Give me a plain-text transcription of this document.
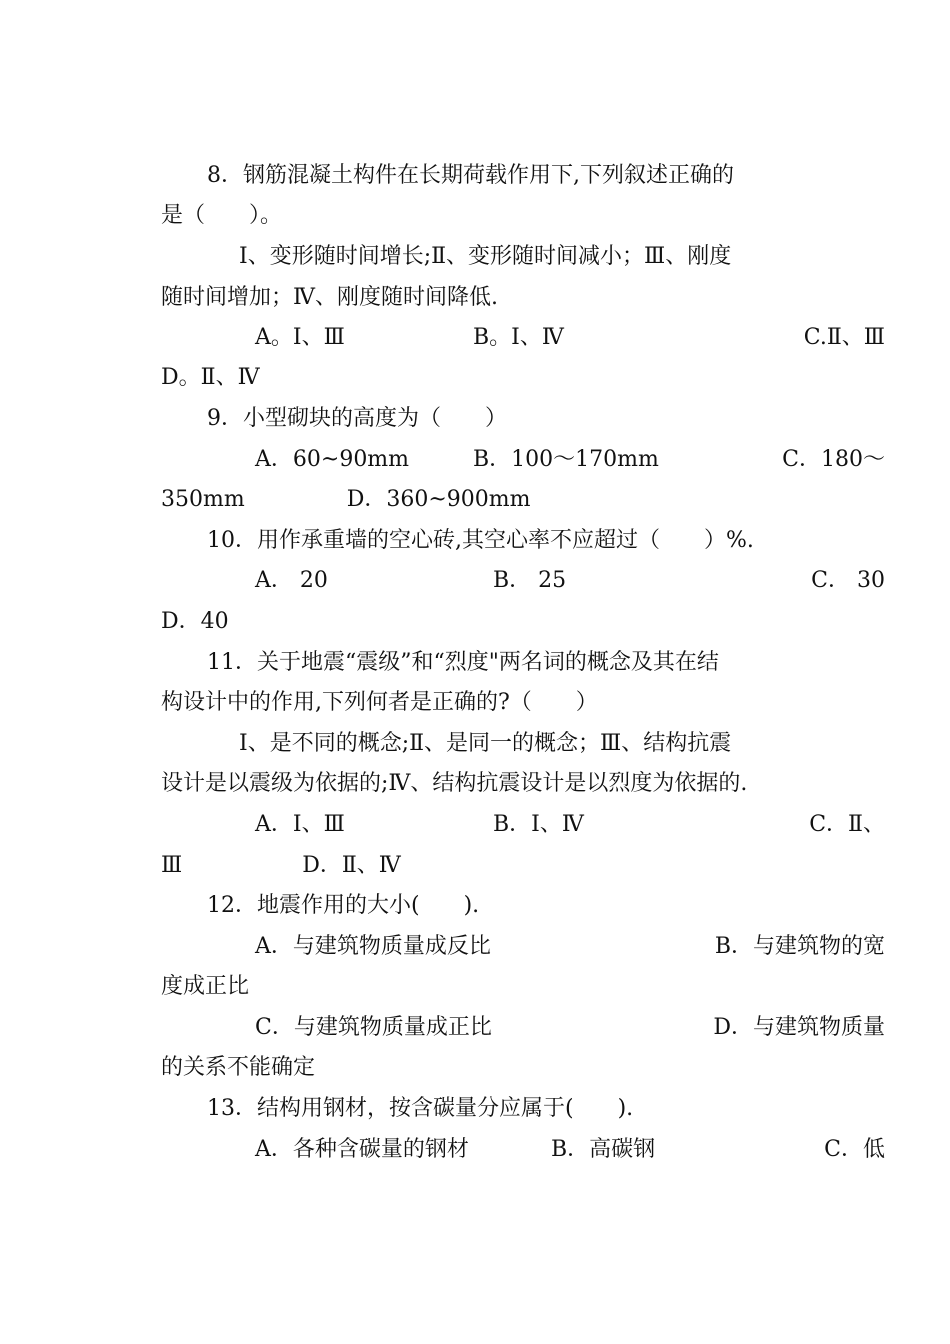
8．钢筋混凝土构件在长期荷载作用下,下列叙述正确的
是（　　）。
Ⅰ、变形随时间增长;Ⅱ、变形随时间减小；Ⅲ、刚度
随时间增加；Ⅳ、刚度随时间降低.
A。Ⅰ、Ⅲ	B。Ⅰ、Ⅳ	C.Ⅱ、Ⅲ
D。Ⅱ、Ⅳ
9．小型砌块的高度为（　　）
A．60~90mm	B．100～170mm	C．180～
350mm	D．360~900mm
10．用作承重墙的空心砖,其空心率不应超过（　　）%.
A． 20	B． 25	C． 30
D．40
11．关于地震“震级”和“烈度"两名词的概念及其在结
构设计中的作用,下列何者是正确的?（　　）
Ⅰ、是不同的概念;Ⅱ、是同一的概念；Ⅲ、结构抗震
设计是以震级为依据的;Ⅳ、结构抗震设计是以烈度为依据的.
A．Ⅰ、Ⅲ	B．Ⅰ、Ⅳ	C．Ⅱ、
Ⅲ	D．Ⅱ、Ⅳ
12．地震作用的大小(　　).
A．与建筑物质量成反比	B．与建筑物的宽
度成正比
C．与建筑物质量成正比	D．与建筑物质量
的关系不能确定
13．结构用钢材，按含碳量分应属于(　　).
A．各种含碳量的钢材	B．高碳钢	C．低
